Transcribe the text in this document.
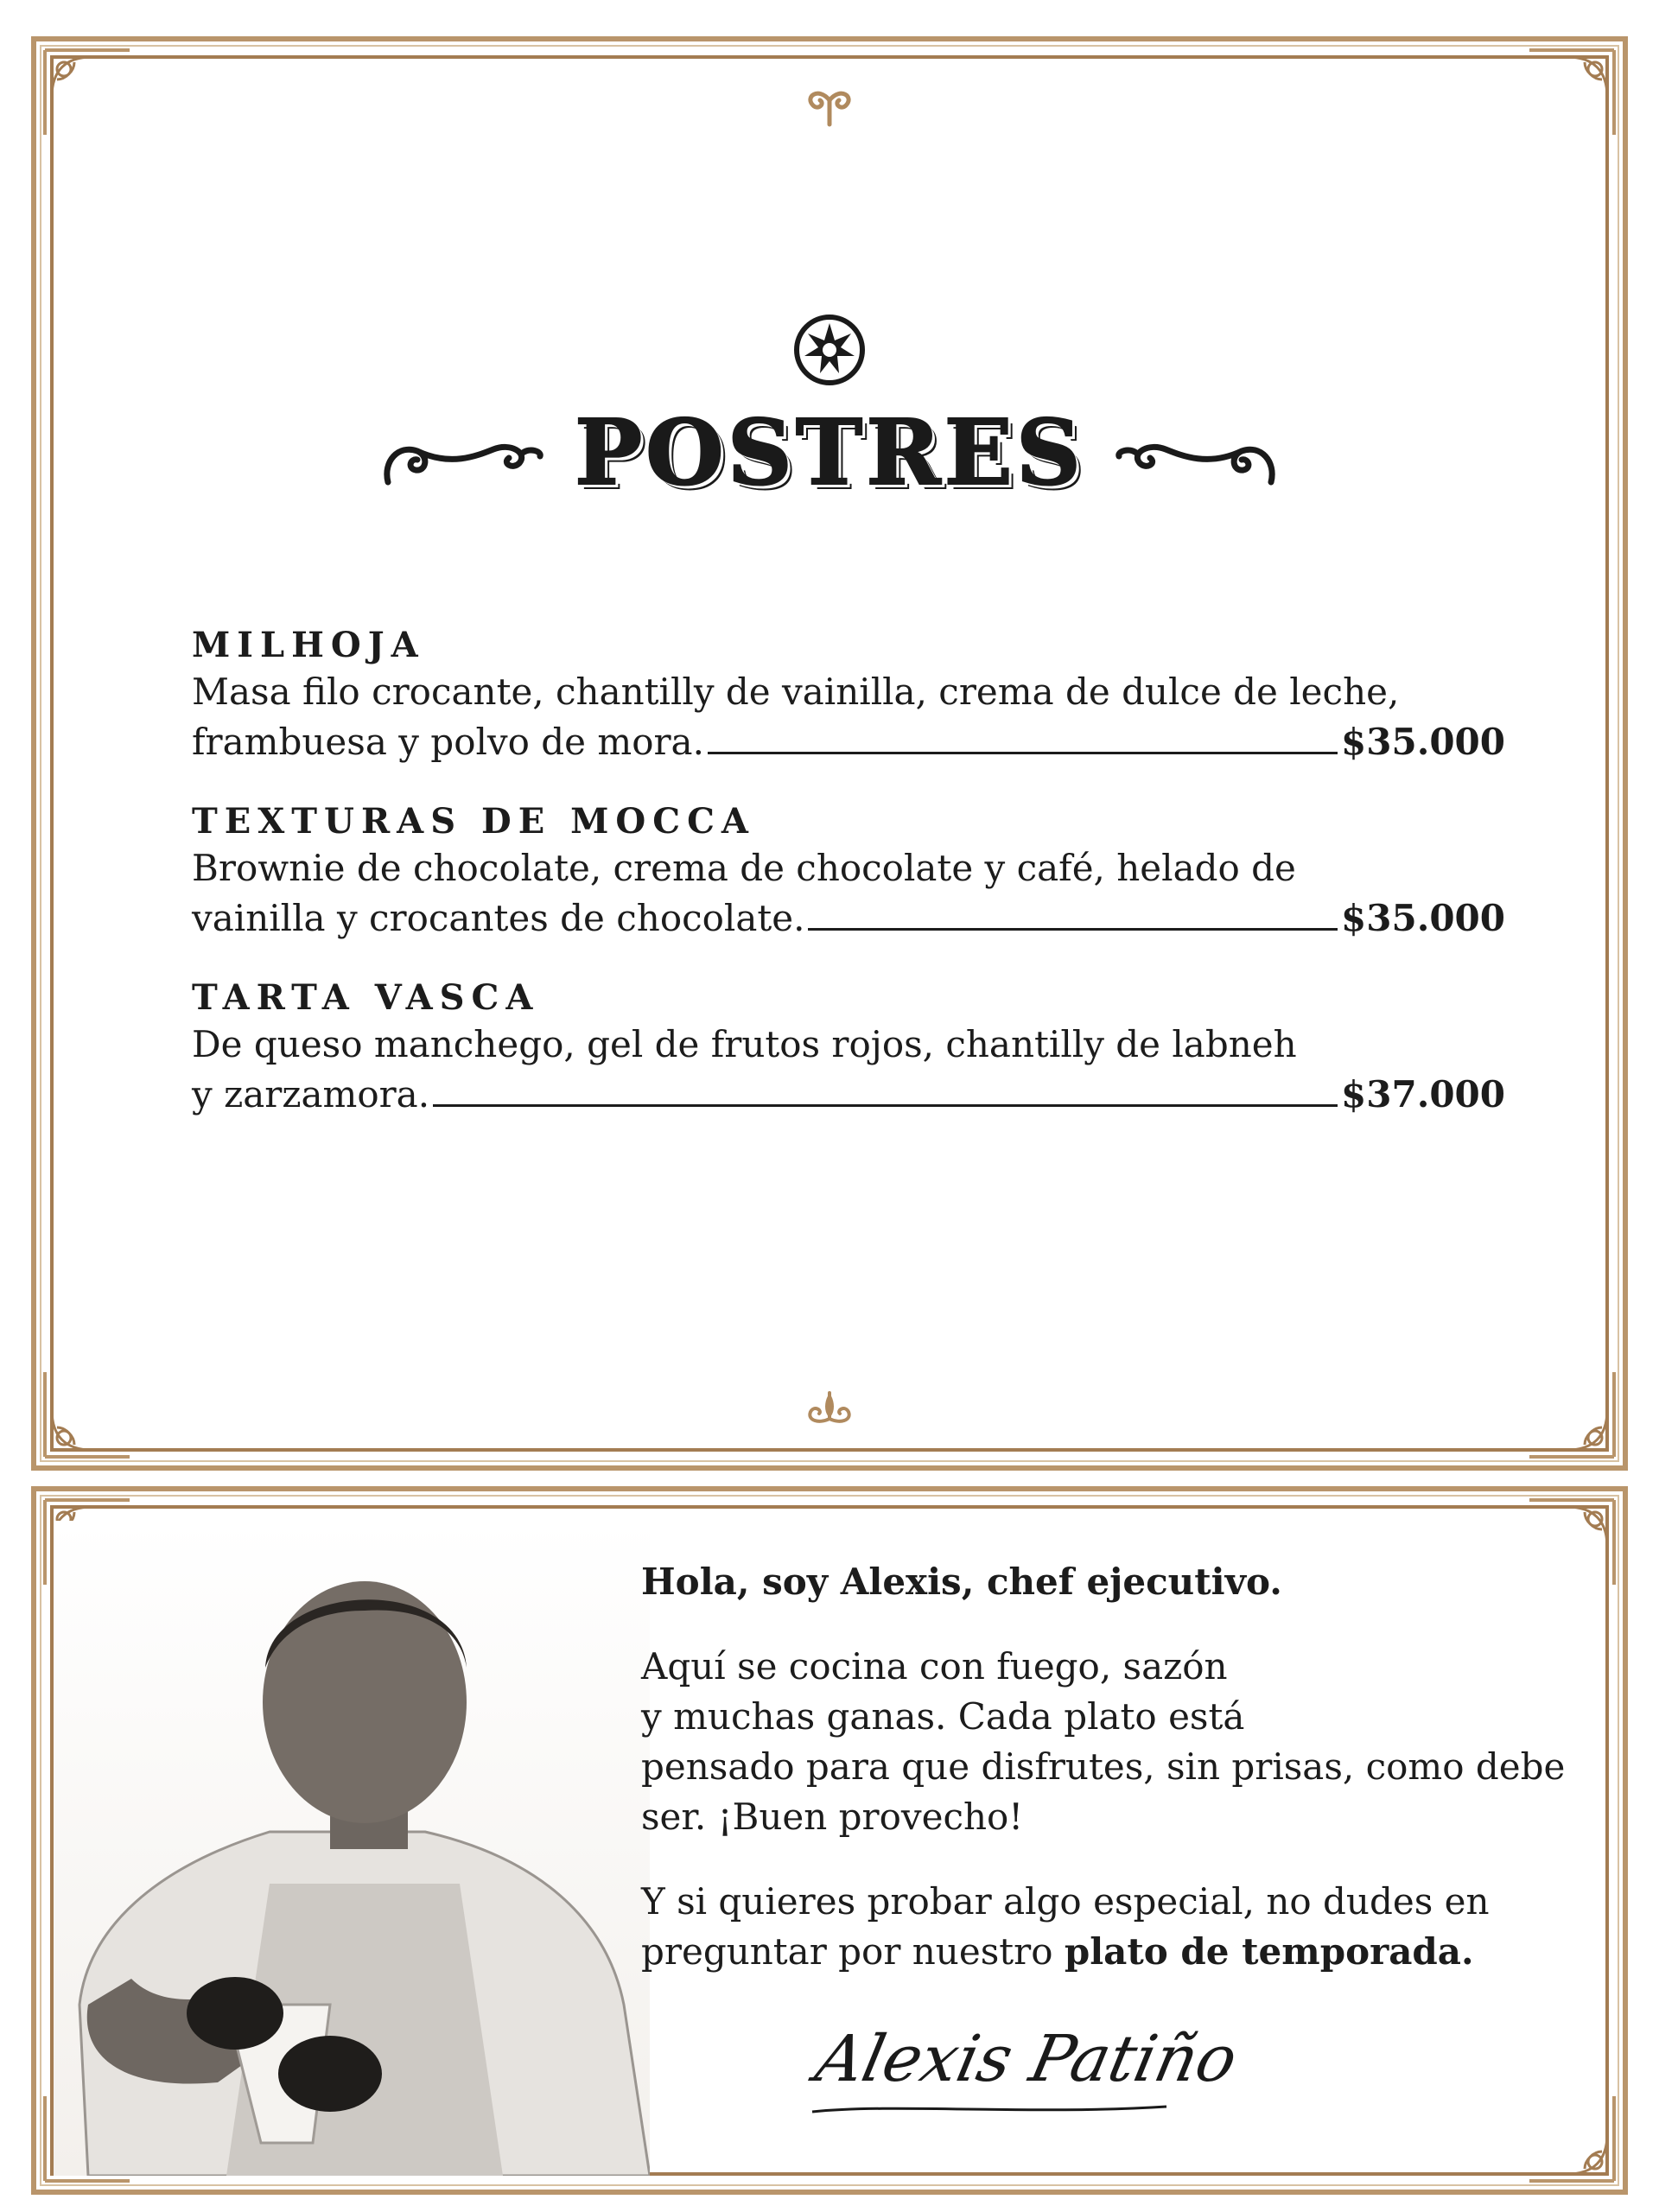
POSTRES
MILHOJA
Masa filo crocante, chantilly de vainilla, crema de dulce de leche,
frambuesa y polvo de mora.	$35.000
TEXTURAS DE MOCCA
Brownie de chocolate, crema de chocolate y café, helado de
vainilla y crocantes de chocolate.	$35.000
TARTA VASCA
De queso manchego, gel de frutos rojos, chantilly de labneh
y zarzamora.	$37.000

Hola, soy Alexis, chef ejecutivo.

Aquí se cocina con fuego, sazón
y muchas ganas. Cada plato está
pensado para que disfrutes, sin prisas, como debe
ser. ¡Buen provecho!

Y si quieres probar algo especial, no dudes en
preguntar por nuestro plato de temporada.

Alexis Patiño
